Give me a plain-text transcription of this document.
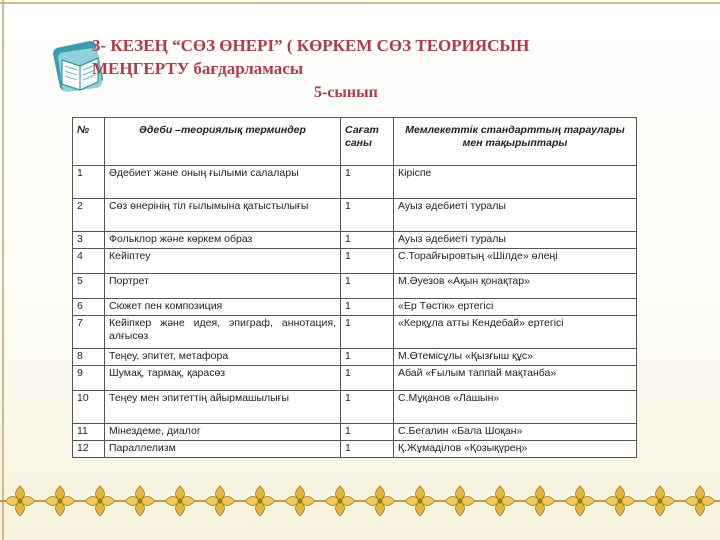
3- КЕЗЕҢ “СӨЗ ӨНЕРІ” ( КӨРКЕМ СӨЗ ТЕОРИЯСЫН
МЕҢГЕРТУ бағдарламасы
5-сынып
№	Әдеби –теориялық терминдер	Сағат саны	Мемлекеттік стандарттың тараулары мен тақырыптары
1	Әдебиет және оның ғылыми салалары	1	Кіріспе
2	Сөз өнерінің тіл ғылымына қатыстылығы	1	Ауыз әдебиеті туралы
3	Фольклор және көркем образ	1	Ауыз әдебиеті туралы
4	Кейіптеу	1	С.Торайғыровтың «Шілде» өлеңі
5	Портрет	1	М.Әуезов «Ақын қонақтар»
6	Сюжет пен композиция	1	«Ер Төстік» ертегісі
7	Кейіпкер және идея, эпиграф, аннотация, алғысөз	1	«Керқұла атты Кендебай» ертегісі
8	Теңеу, эпитет, метафора	1	М.Өтемісұлы «Қызғыш құс»
9	Шумақ, тармақ, қарасөз	1	Абай «Ғылым таппай мақтанба»
10	Теңеу мен эпитеттің айырмашылығы	1	С.Мұқанов «Лашын»
11	Мінездеме, диалог	1	С.Бегалин «Бала Шоқан»
12	Параллелизм	1	Қ.Жұмаділов «Қозықүрең»
